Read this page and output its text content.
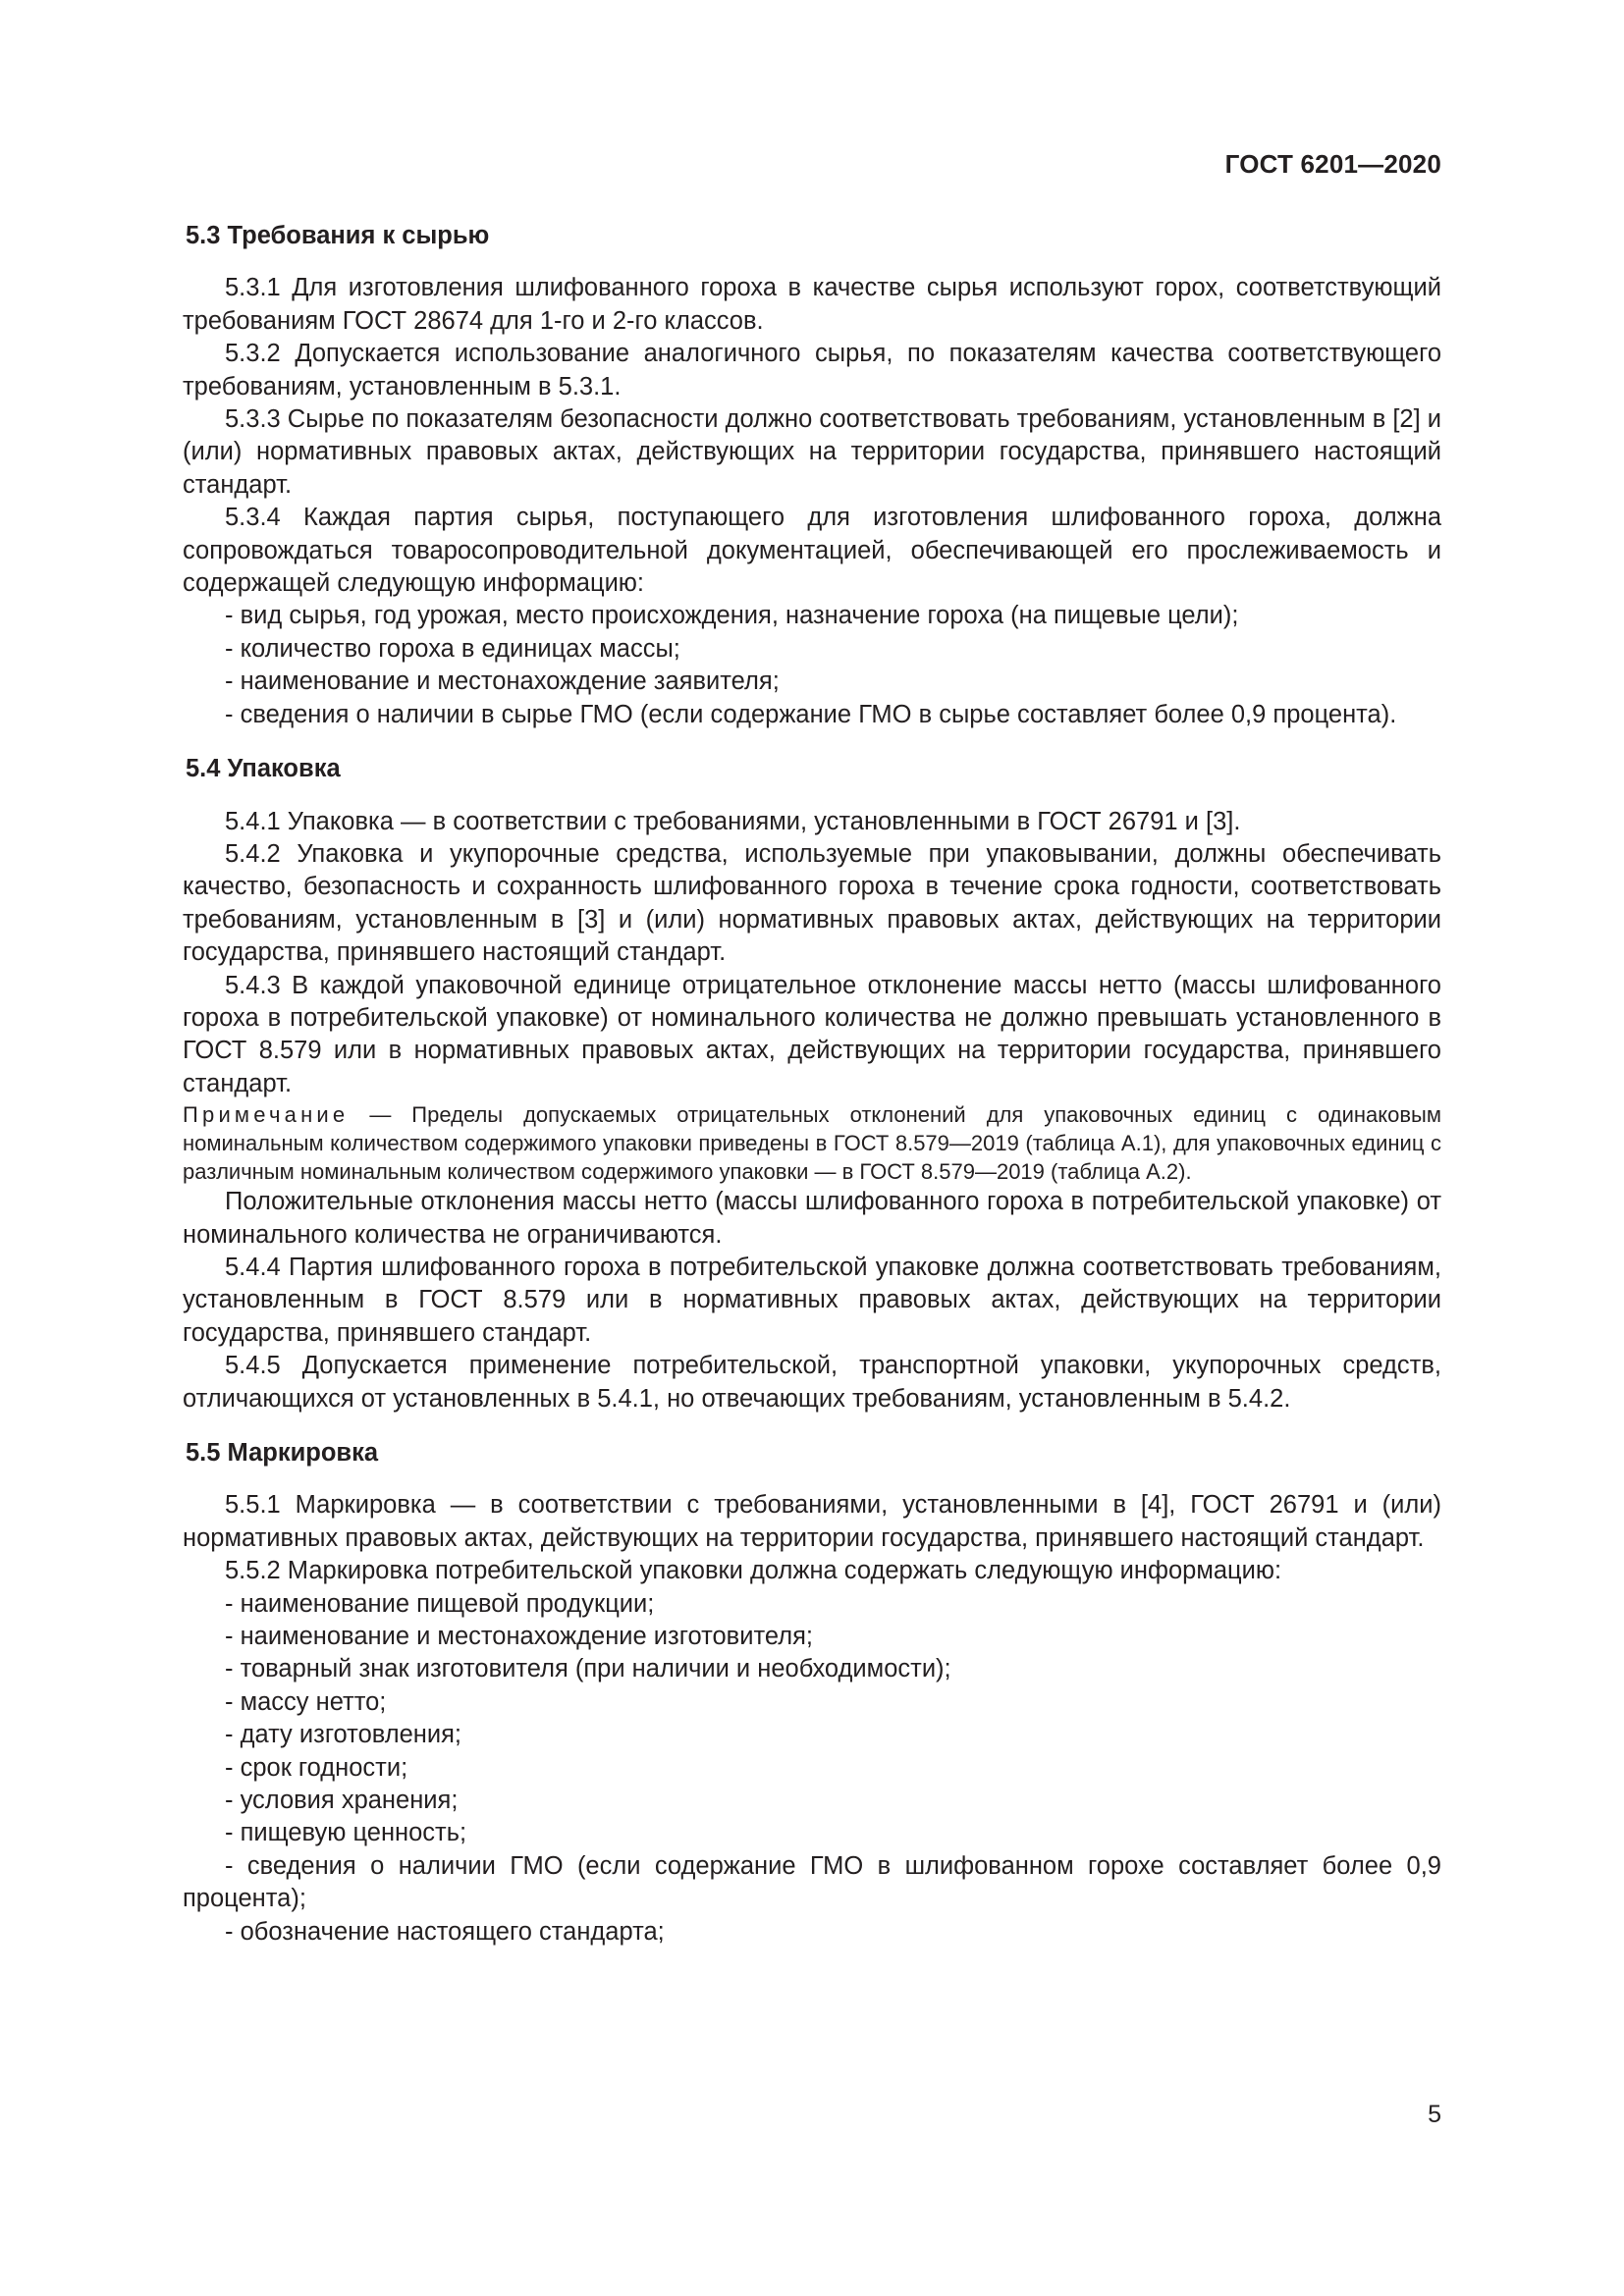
ГОСТ 6201—2020
5.3 Требования к сырью

5.3.1 Для изготовления шлифованного гороха в качестве сырья используют горох, соответствующий требованиям ГОСТ 28674 для 1-го и 2-го классов.

5.3.2 Допускается использование аналогичного сырья, по показателям качества соответствующего требованиям, установленным в 5.3.1.

5.3.3 Сырье по показателям безопасности должно соответствовать требованиям, установленным в [2] и (или) нормативных правовых актах, действующих на территории государства, принявшего настоящий стандарт.

5.3.4 Каждая партия сырья, поступающего для изготовления шлифованного гороха, должна сопровождаться товаросопроводительной документацией, обеспечивающей его прослеживаемость и содержащей следующую информацию:

- вид сырья, год урожая, место происхождения, назначение гороха (на пищевые цели);

- количество гороха в единицах массы;

- наименование и местонахождение заявителя;

- сведения о наличии в сырье ГМО (если содержание ГМО в сырье составляет более 0,9 процента).

5.4 Упаковка

5.4.1 Упаковка — в соответствии с требованиями, установленными в ГОСТ 26791 и [3].

5.4.2 Упаковка и укупорочные средства, используемые при упаковывании, должны обеспечивать качество, безопасность и сохранность шлифованного гороха в течение срока годности, соответствовать требованиям, установленным в [3] и (или) нормативных правовых актах, действующих на территории государства, принявшего настоящий стандарт.

5.4.3 В каждой упаковочной единице отрицательное отклонение массы нетто (массы шлифованного гороха в потребительской упаковке) от номинального количества не должно превышать установленного в ГОСТ 8.579 или в нормативных правовых актах, действующих на территории государства, принявшего стандарт.

Примечание — Пределы допускаемых отрицательных отклонений для упаковочных единиц с одинаковым номинальным количеством содержимого упаковки приведены в ГОСТ 8.579—2019 (таблица А.1), для упаковочных единиц с различным номинальным количеством содержимого упаковки — в ГОСТ 8.579—2019 (таблица А.2).

Положительные отклонения массы нетто (массы шлифованного гороха в потребительской упаковке) от номинального количества не ограничиваются.

5.4.4 Партия шлифованного гороха в потребительской упаковке должна соответствовать требованиям, установленным в ГОСТ 8.579 или в нормативных правовых актах, действующих на территории государства, принявшего стандарт.

5.4.5 Допускается применение потребительской, транспортной упаковки, укупорочных средств, отличающихся от установленных в 5.4.1, но отвечающих требованиям, установленным в 5.4.2.

5.5 Маркировка

5.5.1 Маркировка — в соответствии с требованиями, установленными в [4], ГОСТ 26791 и (или) нормативных правовых актах, действующих на территории государства, принявшего настоящий стандарт.

5.5.2 Маркировка потребительской упаковки должна содержать следующую информацию:

- наименование пищевой продукции;

- наименование и местонахождение изготовителя;

- товарный знак изготовителя (при наличии и необходимости);

- массу нетто;

- дату изготовления;

- срок годности;

- условия хранения;

- пищевую ценность;

- сведения о наличии ГМО (если содержание ГМО в шлифованном горохе составляет более 0,9 процента);

- обозначение настоящего стандарта;

5
